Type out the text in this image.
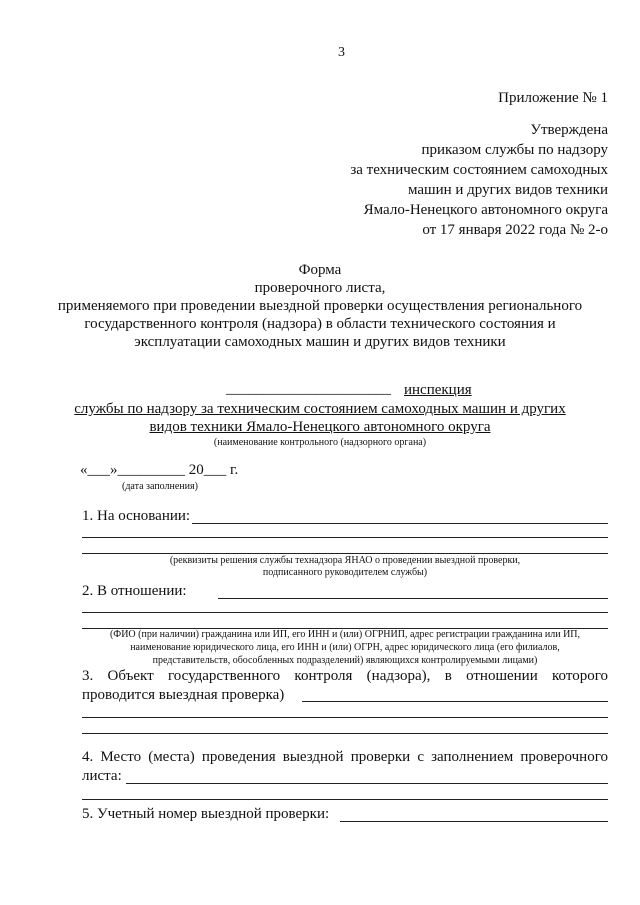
3
Приложение № 1
Утверждена
приказом службы по надзору
за техническим состоянием самоходных
машин и других видов техники
Ямало-Ненецкого автономного округа
от 17 января 2022 года № 2-о
Форма
проверочного листа,
применяемого при проведении выездной проверки осуществления регионального
государственного контроля (надзора) в области технического состояния и
эксплуатации самоходных машин и других видов техники
______________________ инспекция
службы по надзору за техническим состоянием самоходных машин и других
видов техники Ямало-Ненецкого автономного округа
(наименование контрольного (надзорного органа)
«___»_________ 20___ г.
(дата заполнения)
1. На основании:
(реквизиты решения службы технадзора ЯНАО о проведении выездной проверки,
подписанного руководителем службы)
2. В отношении:
(ФИО (при наличии) гражданина или ИП, его ИНН и (или) ОГРНИП, адрес регистрации гражданина или ИП,
наименование юридического лица, его ИНН и (или) ОГРН, адрес юридического лица (его филиалов,
представительств, обособленных подразделений) являющихся контролируемыми лицами)
3. Объект государственного контроля (надзора), в отношении которого
проводится выездная проверка)
4. Место (места) проведения выездной проверки с заполнением проверочного
листа:
5. Учетный номер выездной проверки:
